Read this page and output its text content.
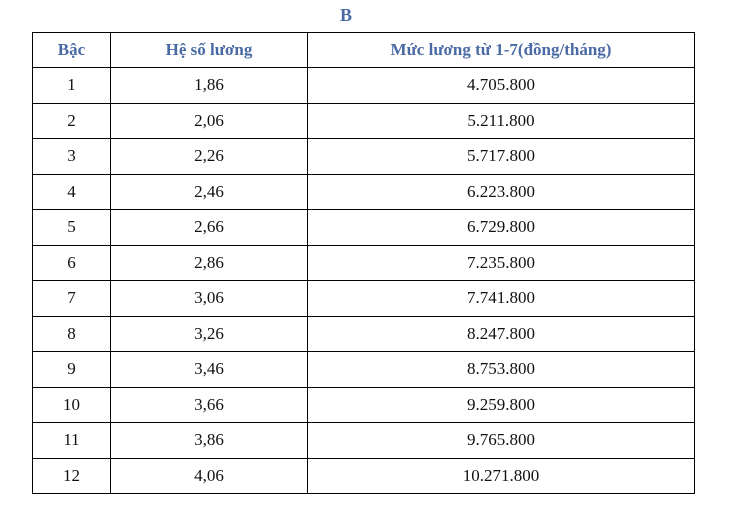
B
Bậc	Hệ số lương	Mức lương từ 1-7(đồng/tháng)
1	1,86	4.705.800
2	2,06	5.211.800
3	2,26	5.717.800
4	2,46	6.223.800
5	2,66	6.729.800
6	2,86	7.235.800
7	3,06	7.741.800
8	3,26	8.247.800
9	3,46	8.753.800
10	3,66	9.259.800
11	3,86	9.765.800
12	4,06	10.271.800
